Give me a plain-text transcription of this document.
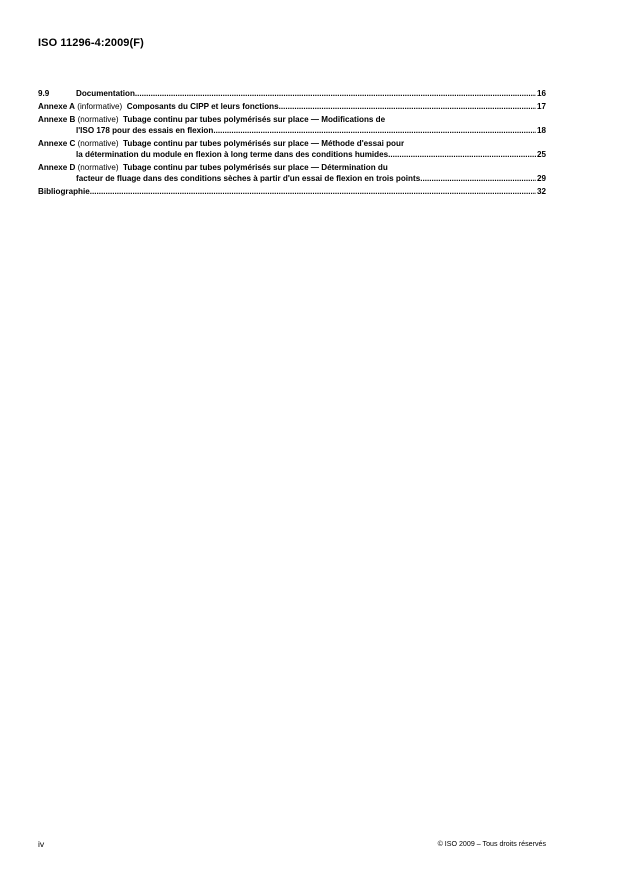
ISO 11296-4:2009(F)
9.9	Documentation .....	16
Annexe A (informative) Composants du CIPP et leurs fonctions .....	17
Annexe B (normative) Tubage continu par tubes polymérisés sur place — Modifications de
l'ISO 178 pour des essais en flexion .....	18
Annexe C (normative) Tubage continu par tubes polymérisés sur place — Méthode d'essai pour
la détermination du module en flexion à long terme dans des conditions humides .....	25
Annexe D (normative) Tubage continu par tubes polymérisés sur place — Détermination du
facteur de fluage dans des conditions sèches à partir d'un essai de flexion en trois points .....	29
Bibliographie .....	32
iv	© ISO 2009 – Tous droits réservés
